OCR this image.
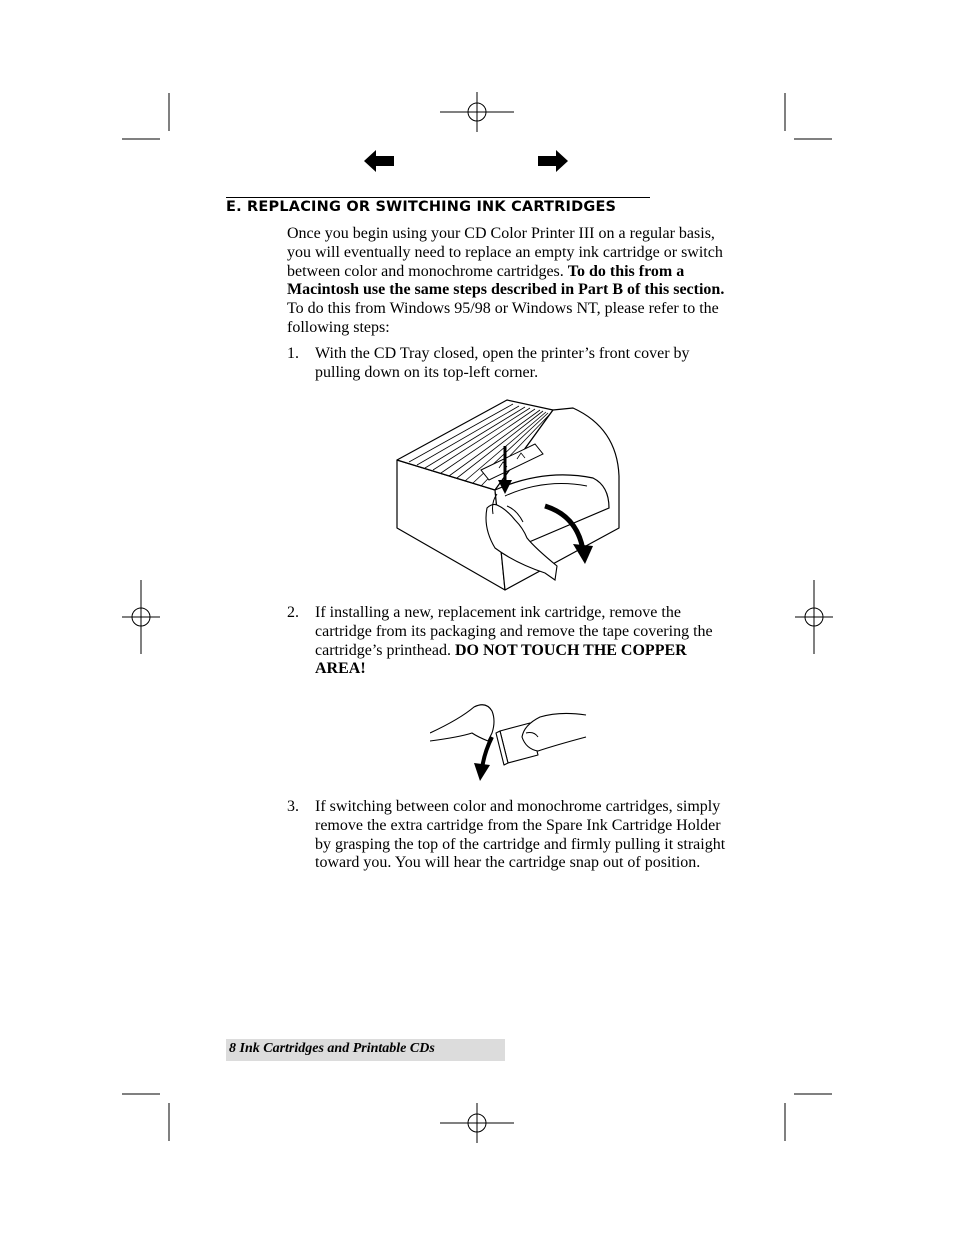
E. REPLACING OR SWITCHING INK CARTRIDGES
Once you begin using your CD Color Printer III on a regular basis, you will eventually need to replace an empty ink cartridge or switch between color and monochrome cartridges. To do this from a Macintosh use the same steps described in Part B of this section. To do this from Windows 95/98 or Windows NT, please refer to the following steps:
1. With the CD Tray closed, open the printer’s front cover by pulling down on its top-left corner.
2. If installing a new, replacement ink cartridge, remove the cartridge from its packaging and remove the tape covering the cartridge’s printhead. DO NOT TOUCH THE COPPER AREA!
3. If switching between color and monochrome cartridges, simply remove the extra cartridge from the Spare Ink Cartridge Holder by grasping the top of the cartridge and firmly pulling it straight toward you. You will hear the cartridge snap out of position.
8 Ink Cartridges and Printable CDs
